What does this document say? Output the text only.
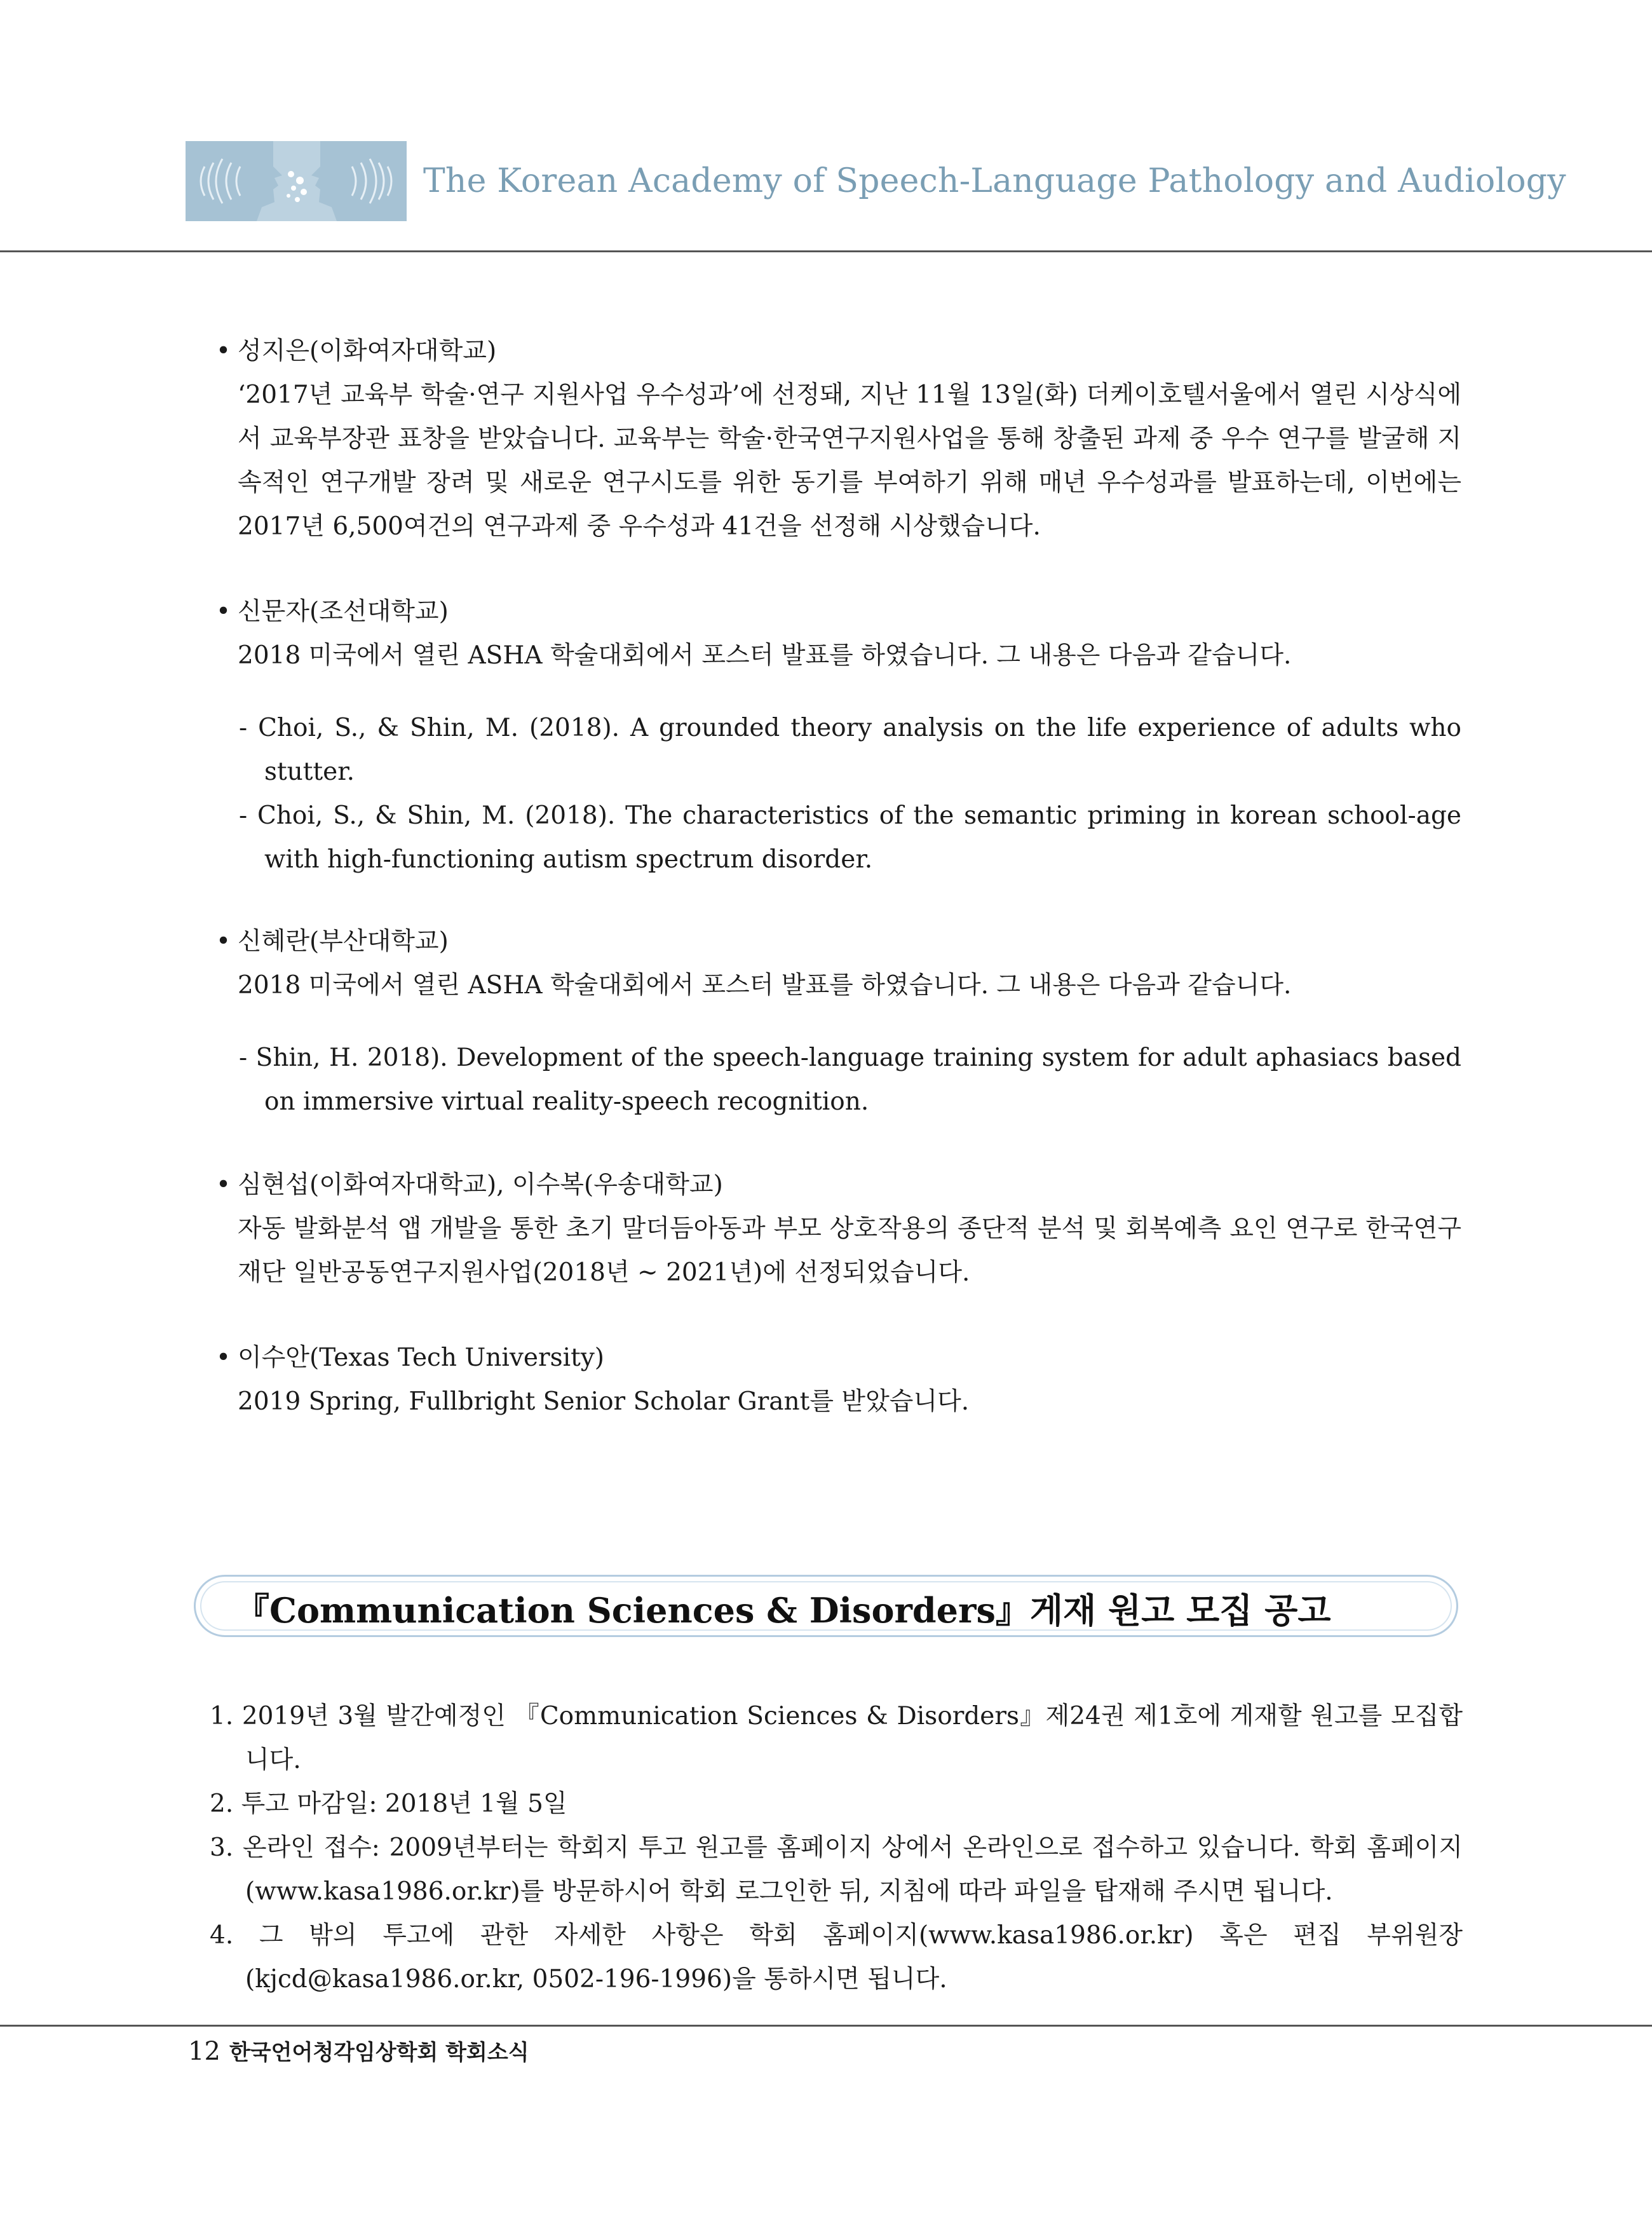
The Korean Academy of Speech-Language Pathology and Audiology
• 성지은(이화여자대학교)
‘2017년 교육부 학술·연구 지원사업 우수성과’에 선정돼, 지난 11월 13일(화) 더케이호텔서울에서 열린 시상식에서 교육부장관 표창을 받았습니다. 교육부는 학술·한국연구지원사업을 통해 창출된 과제 중 우수 연구를 발굴해 지속적인 연구개발 장려 및 새로운 연구시도를 위한 동기를 부여하기 위해 매년 우수성과를 발표하는데, 이번에는 2017년 6,500여건의 연구과제 중 우수성과 41건을 선정해 시상했습니다.
• 신문자(조선대학교)
2018 미국에서 열린 ASHA 학술대회에서 포스터 발표를 하였습니다. 그 내용은 다음과 같습니다.
- Choi, S., & Shin, M. (2018). A grounded theory analysis on the life experience of adults who stutter.
- Choi, S., & Shin, M. (2018). The characteristics of the semantic priming in korean school-age with high-functioning autism spectrum disorder.
• 신혜란(부산대학교)
2018 미국에서 열린 ASHA 학술대회에서 포스터 발표를 하였습니다. 그 내용은 다음과 같습니다.
- Shin, H. 2018). Development of the speech-language training system for adult aphasiacs based on immersive virtual reality-speech recognition.
• 심현섭(이화여자대학교), 이수복(우송대학교)
자동 발화분석 앱 개발을 통한 초기 말더듬아동과 부모 상호작용의 종단적 분석 및 회복예측 요인 연구로 한국연구재단 일반공동연구지원사업(2018년 ~ 2021년)에 선정되었습니다.
• 이수안(Texas Tech University)
2019 Spring, Fullbright Senior Scholar Grant를 받았습니다.
『Communication Sciences & Disorders』게재 원고 모집 공고
1. 2019년 3월 발간예정인 『Communication Sciences & Disorders』제24권 제1호에 게재할 원고를 모집합니다.
2. 투고 마감일: 2018년 1월 5일
3. 온라인 접수: 2009년부터는 학회지 투고 원고를 홈페이지 상에서 온라인으로 접수하고 있습니다. 학회 홈페이지(www.kasa1986.or.kr)를 방문하시어 학회 로그인한 뒤, 지침에 따라 파일을 탑재해 주시면 됩니다.
4. 그 밖의 투고에 관한 자세한 사항은 학회 홈페이지(www.kasa1986.or.kr) 혹은 편집 부위원장(kjcd@kasa1986.or.kr, 0502-196-1996)을 통하시면 됩니다.
12 한국언어청각임상학회 학회소식
